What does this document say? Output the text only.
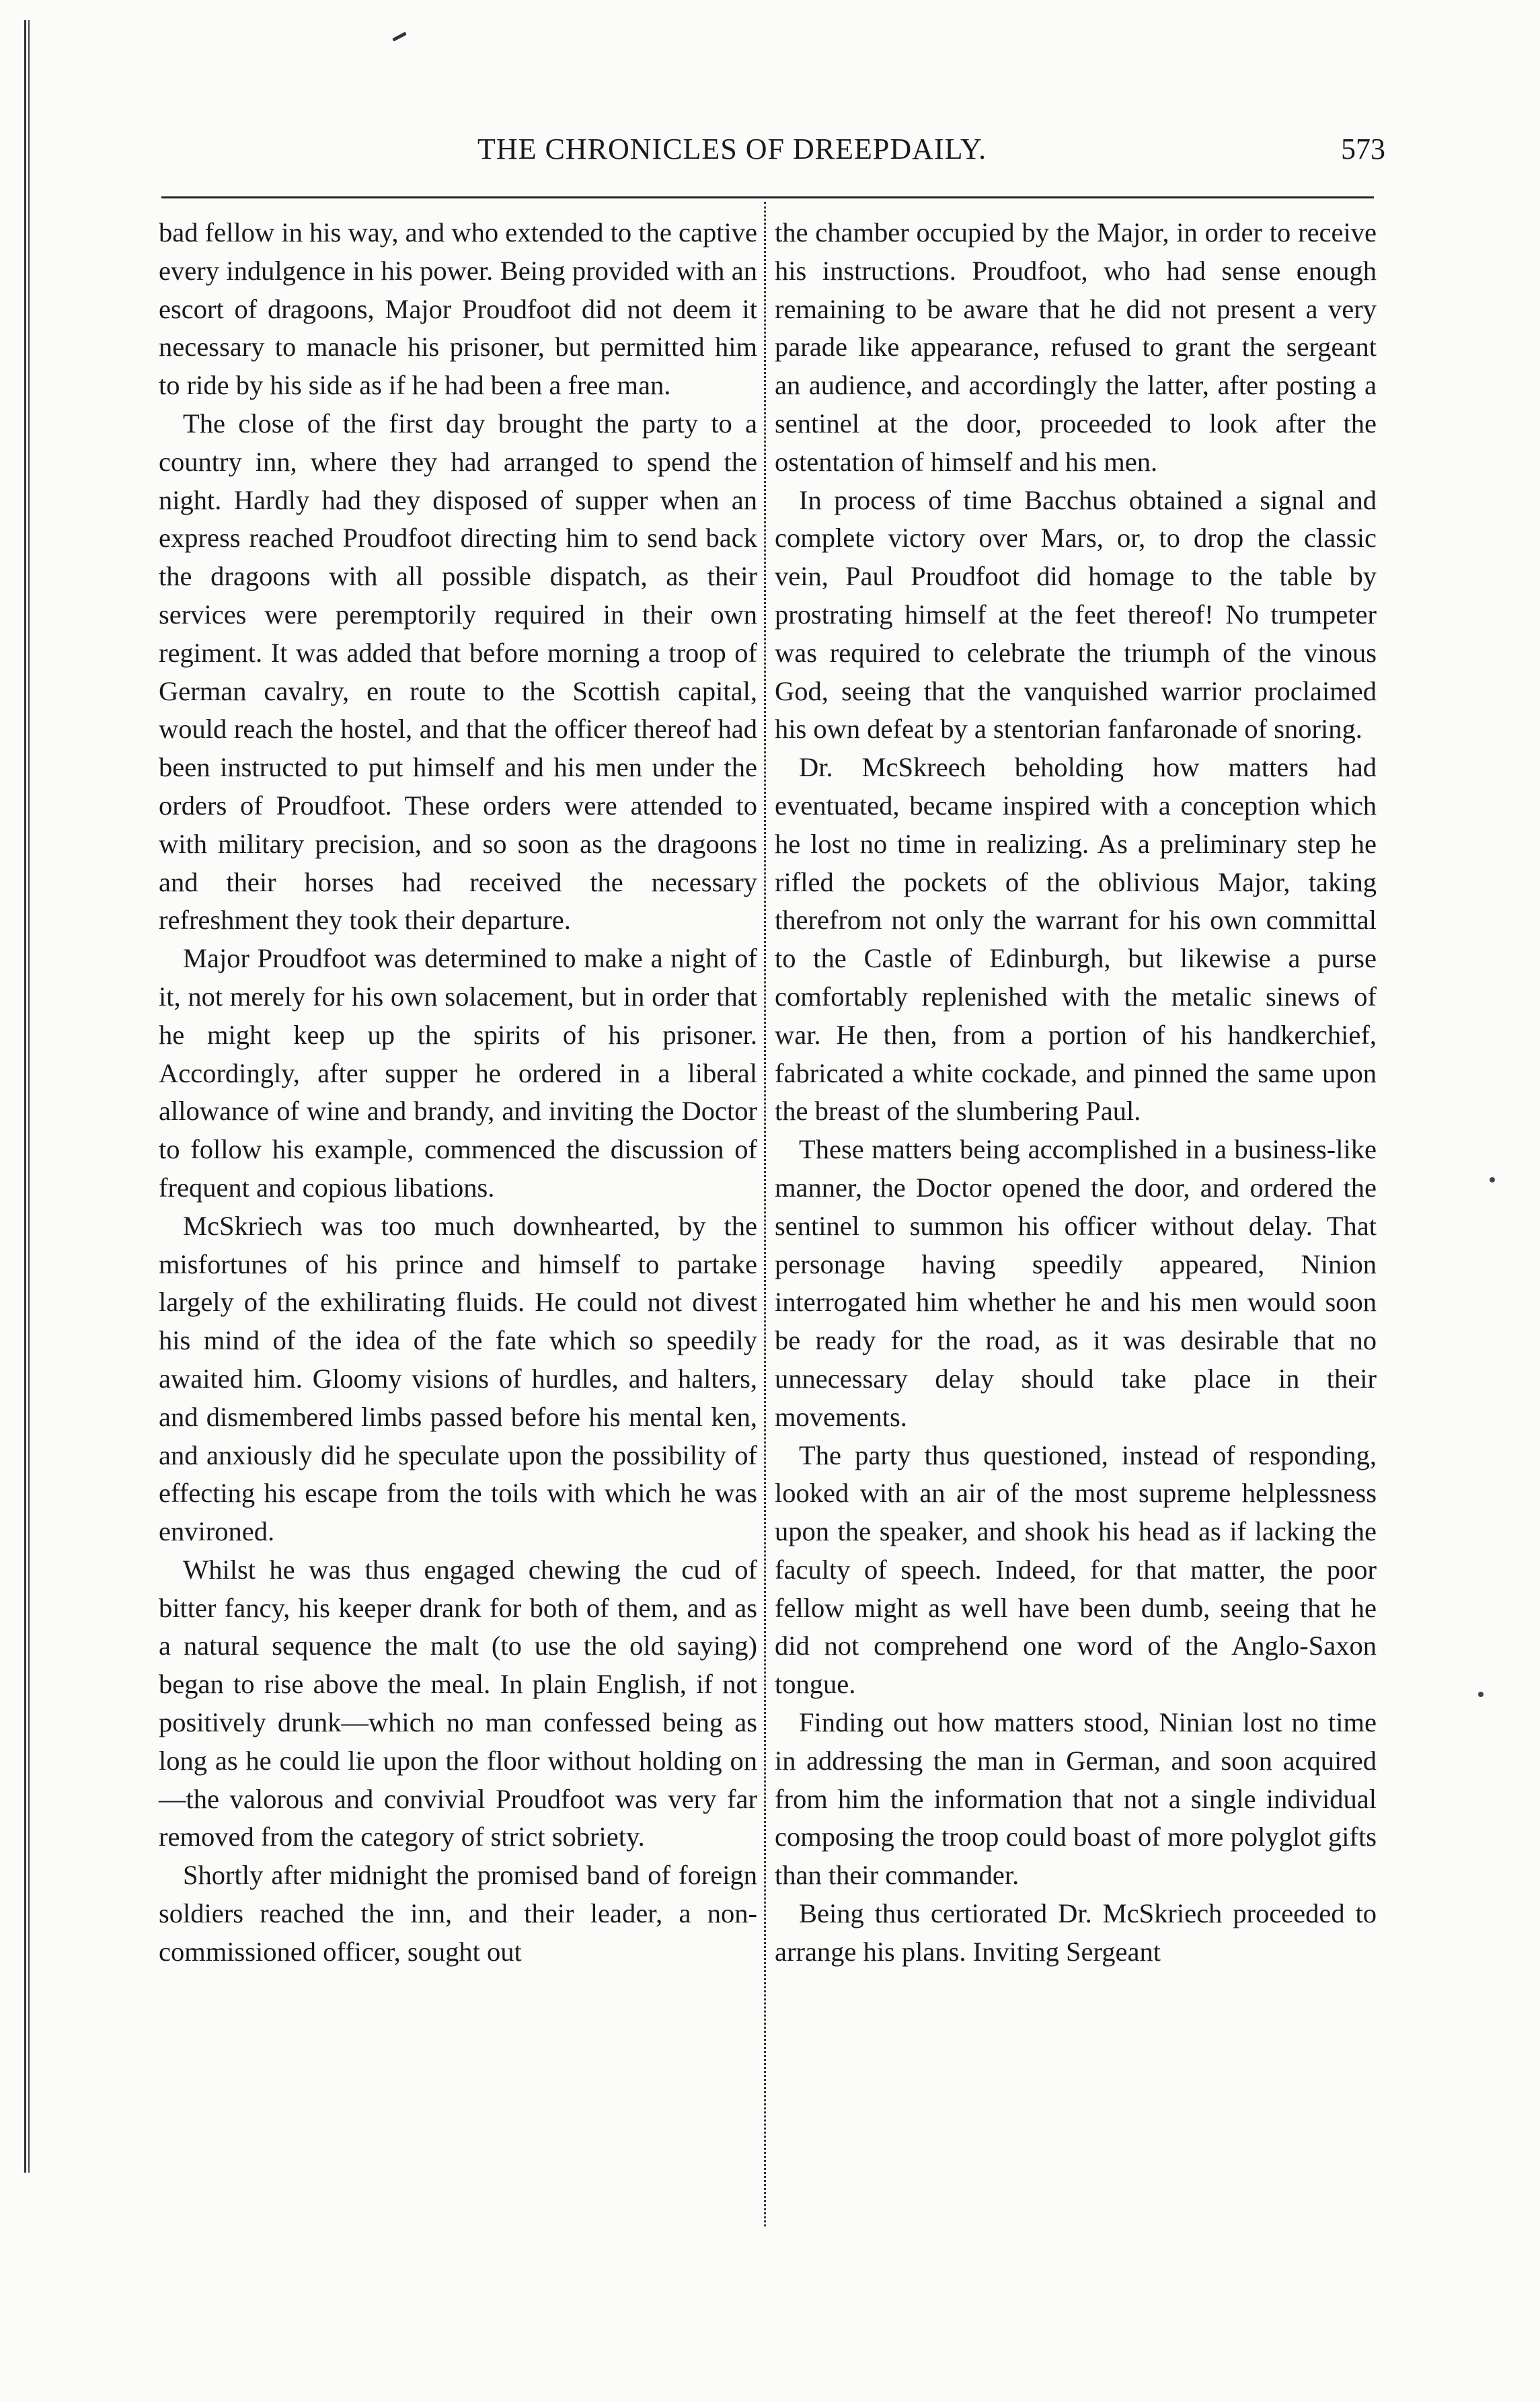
THE CHRONICLES OF DREEPDAILY.	573

bad fellow in his way, and who extended to the captive every indulgence in his power. Being provided with an escort of dragoons, Major Proudfoot did not deem it necessary to manacle his prisoner, but permitted him to ride by his side as if he had been a free man.

The close of the first day brought the party to a country inn, where they had arranged to spend the night. Hardly had they disposed of supper when an express reached Proudfoot directing him to send back the dragoons with all possible dispatch, as their services were peremptorily required in their own regiment. It was added that before morning a troop of German cavalry, en route to the Scottish capital, would reach the hostel, and that the officer thereof had been instructed to put himself and his men under the orders of Proudfoot. These orders were attended to with military precision, and so soon as the dragoons and their horses had received the necessary refreshment they took their departure.

Major Proudfoot was determined to make a night of it, not merely for his own solacement, but in order that he might keep up the spirits of his prisoner. Accordingly, after supper he ordered in a liberal allowance of wine and brandy, and inviting the Doctor to follow his example, commenced the discussion of frequent and copious libations.

McSkriech was too much downhearted, by the misfortunes of his prince and himself to partake largely of the exhilirating fluids. He could not divest his mind of the idea of the fate which so speedily awaited him. Gloomy visions of hurdles, and halters, and dismembered limbs passed before his mental ken, and anxiously did he speculate upon the possibility of effecting his escape from the toils with which he was environed.

Whilst he was thus engaged chewing the cud of bitter fancy, his keeper drank for both of them, and as a natural sequence the malt (to use the old saying) began to rise above the meal. In plain English, if not positively drunk—which no man confessed being as long as he could lie upon the floor without holding on—the valorous and convivial Proudfoot was very far removed from the category of strict sobriety.

Shortly after midnight the promised band of foreign soldiers reached the inn, and their leader, a non-commissioned officer, sought out

the chamber occupied by the Major, in order to receive his instructions. Proudfoot, who had sense enough remaining to be aware that he did not present a very parade like appearance, refused to grant the sergeant an audience, and accordingly the latter, after posting a sentinel at the door, proceeded to look after the ostentation of himself and his men.

In process of time Bacchus obtained a signal and complete victory over Mars, or, to drop the classic vein, Paul Proudfoot did homage to the table by prostrating himself at the feet thereof! No trumpeter was required to celebrate the triumph of the vinous God, seeing that the vanquished warrior proclaimed his own defeat by a stentorian fanfaronade of snoring.

Dr. McSkreech beholding how matters had eventuated, became inspired with a conception which he lost no time in realizing. As a preliminary step he rifled the pockets of the oblivious Major, taking therefrom not only the warrant for his own committal to the Castle of Edinburgh, but likewise a purse comfortably replenished with the metalic sinews of war. He then, from a portion of his handkerchief, fabricated a white cockade, and pinned the same upon the breast of the slumbering Paul.

These matters being accomplished in a business-like manner, the Doctor opened the door, and ordered the sentinel to summon his officer without delay. That personage having speedily appeared, Ninion interrogated him whether he and his men would soon be ready for the road, as it was desirable that no unnecessary delay should take place in their movements.

The party thus questioned, instead of responding, looked with an air of the most supreme helplessness upon the speaker, and shook his head as if lacking the faculty of speech. Indeed, for that matter, the poor fellow might as well have been dumb, seeing that he did not comprehend one word of the Anglo-Saxon tongue.

Finding out how matters stood, Ninian lost no time in addressing the man in German, and soon acquired from him the information that not a single individual composing the troop could boast of more polyglot gifts than their commander.

Being thus certiorated Dr. McSkriech proceeded to arrange his plans. Inviting Sergeant
